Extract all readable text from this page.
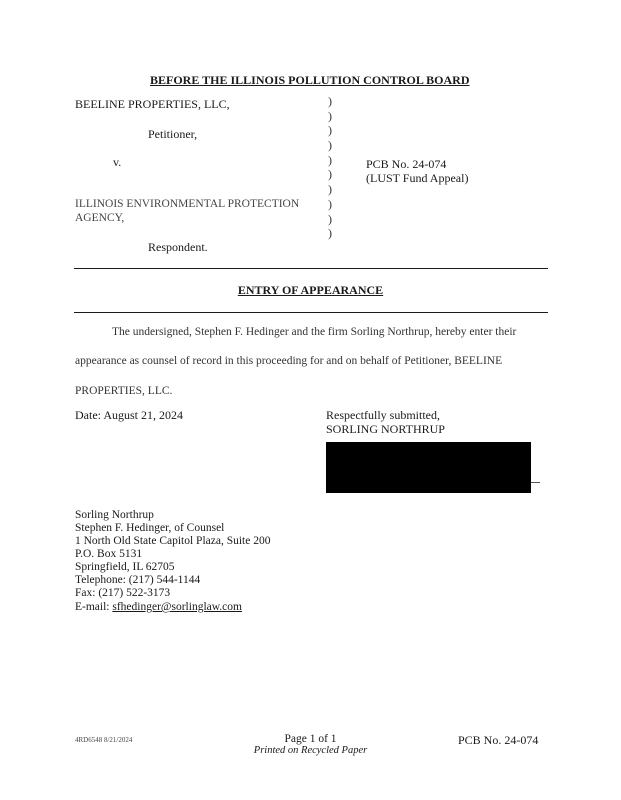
BEFORE THE ILLINOIS POLLUTION CONTROL BOARD
BEELINE PROPERTIES, LLC,
Petitioner,
v.
ILLINOIS ENVIRONMENTAL PROTECTION
AGENCY,
Respondent.
)
)
)
)
)
)
)
)
)
)
PCB No. 24-074
(LUST Fund Appeal)
ENTRY OF APPEARANCE
The undersigned, Stephen F. Hedinger and the firm Sorling Northrup, hereby enter their
appearance as counsel of record in this proceeding for and on behalf of Petitioner, BEELINE
PROPERTIES, LLC.
Date: August 21, 2024	Respectfully submitted,
SORLING NORTHRUP
Sorling Northrup
Stephen F. Hedinger, of Counsel
1 North Old State Capitol Plaza, Suite 200
P.O. Box 5131
Springfield, IL 62705
Telephone: (217) 544-1144
Fax: (217) 522-3173
E-mail: sfhedinger@sorlinglaw.com
4RD6548 8/21/2024	Page 1 of 1
Printed on Recycled Paper
PCB No. 24-074
